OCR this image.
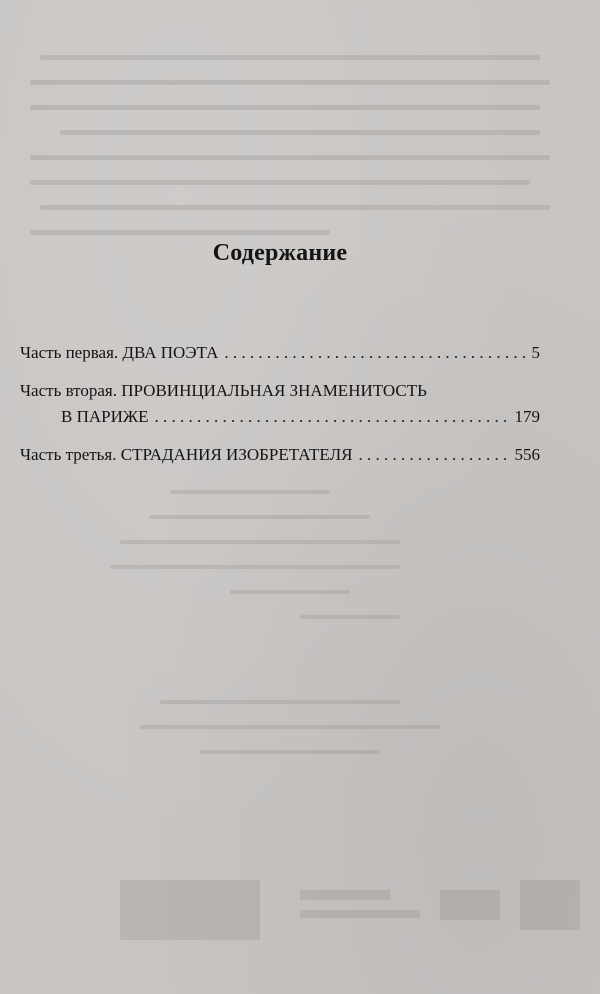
Содержание
Часть первая. ДВА ПОЭТА . . .	5
Часть вторая. ПРОВИНЦИАЛЬНАЯ ЗНАМЕНИТОСТЬ
В ПАРИЖЕ . . .	179
Часть третья. СТРАДАНИЯ ИЗОБРЕТАТЕЛЯ . . .	556
